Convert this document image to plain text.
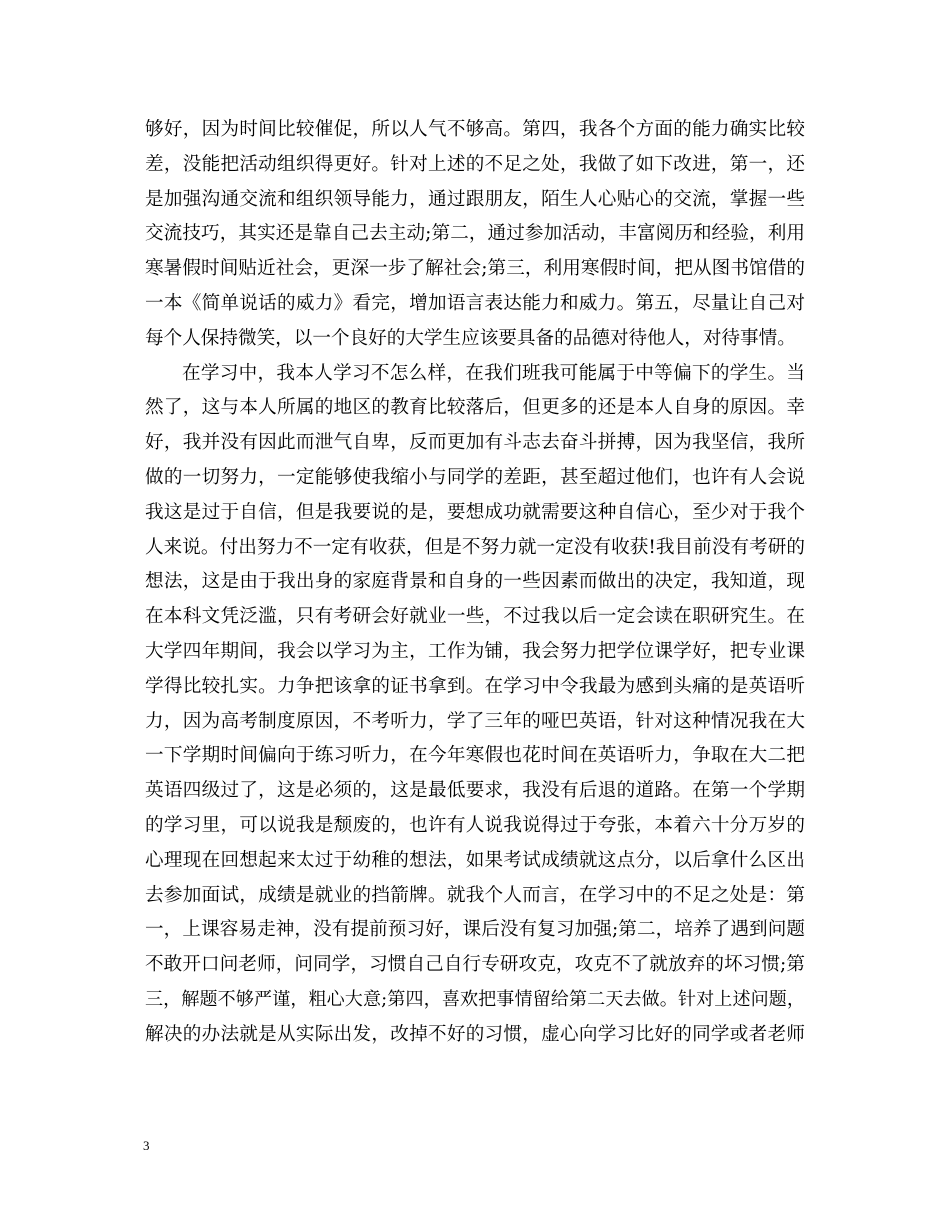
够好，因为时间比较催促，所以人气不够高。第四，我各个方面的能力确实比较
差，没能把活动组织得更好。针对上述的不足之处，我做了如下改进，第一，还
是加强沟通交流和组织领导能力，通过跟朋友，陌生人心贴心的交流，掌握一些
交流技巧，其实还是靠自己去主动;第二，通过参加活动，丰富阅历和经验，利用
寒暑假时间贴近社会，更深一步了解社会;第三，利用寒假时间，把从图书馆借的
一本《简单说话的威力》看完，增加语言表达能力和威力。第五，尽量让自己对
每个人保持微笑，以一个良好的大学生应该要具备的品德对待他人，对待事情。
在学习中，我本人学习不怎么样，在我们班我可能属于中等偏下的学生。当
然了，这与本人所属的地区的教育比较落后，但更多的还是本人自身的原因。幸
好，我并没有因此而泄气自卑，反而更加有斗志去奋斗拼搏，因为我坚信，我所
做的一切努力，一定能够使我缩小与同学的差距，甚至超过他们，也许有人会说
我这是过于自信，但是我要说的是，要想成功就需要这种自信心，至少对于我个
人来说。付出努力不一定有收获，但是不努力就一定没有收获!我目前没有考研的
想法，这是由于我出身的家庭背景和自身的一些因素而做出的决定，我知道，现
在本科文凭泛滥，只有考研会好就业一些，不过我以后一定会读在职研究生。在
大学四年期间，我会以学习为主，工作为铺，我会努力把学位课学好，把专业课
学得比较扎实。力争把该拿的证书拿到。在学习中令我最为感到头痛的是英语听
力，因为高考制度原因，不考听力，学了三年的哑巴英语，针对这种情况我在大
一下学期时间偏向于练习听力，在今年寒假也花时间在英语听力，争取在大二把
英语四级过了，这是必须的，这是最低要求，我没有后退的道路。在第一个学期
的学习里，可以说我是颓废的，也许有人说我说得过于夸张，本着六十分万岁的
心理现在回想起来太过于幼稚的想法，如果考试成绩就这点分，以后拿什么区出
去参加面试，成绩是就业的挡箭牌。就我个人而言，在学习中的不足之处是：第
一，上课容易走神，没有提前预习好，课后没有复习加强;第二，培养了遇到问题
不敢开口问老师，问同学，习惯自己自行专研攻克，攻克不了就放弃的坏习惯;第
三，解题不够严谨，粗心大意;第四，喜欢把事情留给第二天去做。针对上述问题，
解决的办法就是从实际出发，改掉不好的习惯，虚心向学习比好的同学或者老师
3
